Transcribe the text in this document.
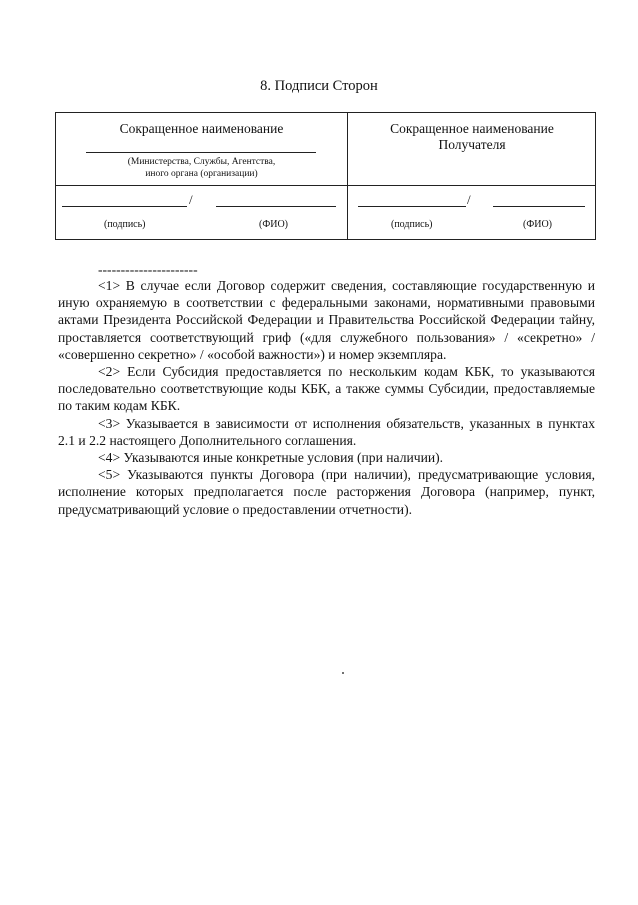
8. Подписи Сторон
Сокращенное наименование
(Министерства, Службы, Агентства,
иного органа (организации)
Сокращенное наименование
Получателя
/
(подпись)	(ФИО)
/
(подпись)	(ФИО)
----------------------

<1> В случае если Договор содержит сведения, составляющие государственную и иную охраняемую в соответствии с федеральными законами, нормативными правовыми актами Президента Российской Федерации и Правительства Российской Федерации тайну, проставляется соответствующий гриф («для служебного пользования» / «секретно» / «совершенно секретно» / «особой важности») и номер экземпляра.

<2> Если Субсидия предоставляется по нескольким кодам КБК, то указываются последовательно соответствующие коды КБК, а также суммы Субсидии, предоставляемые по таким кодам КБК.

<3> Указывается в зависимости от исполнения обязательств, указанных в пунктах 2.1 и 2.2 настоящего Дополнительного соглашения.

<4> Указываются иные конкретные условия (при наличии).

<5> Указываются пункты Договора (при наличии), предусматривающие условия, исполнение которых предполагается после расторжения Договора (например, пункт, предусматривающий условие о предоставлении отчетности).
